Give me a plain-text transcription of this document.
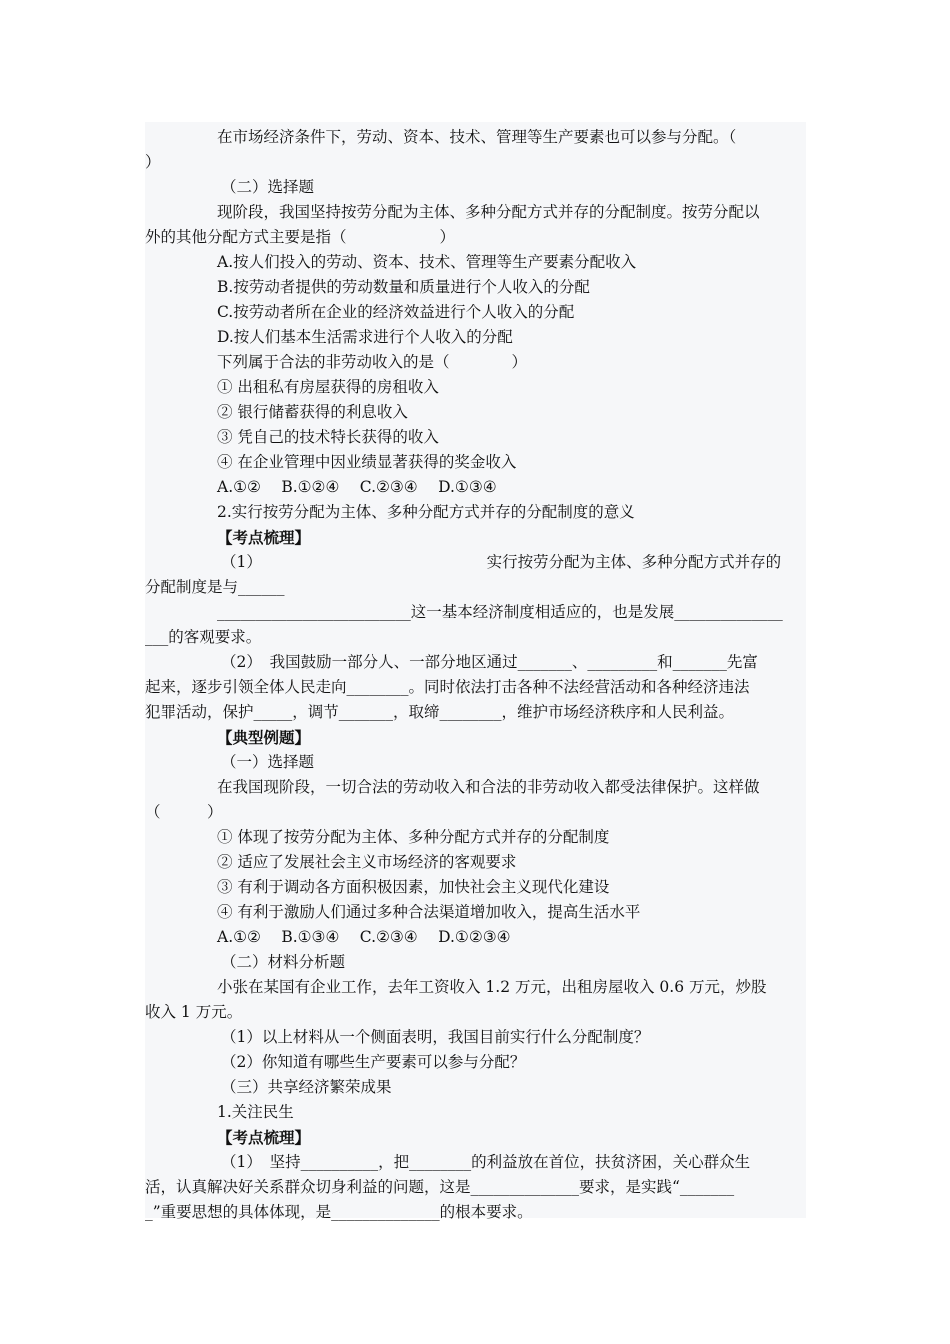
在市场经济条件下，劳动、资本、技术、管理等生产要素也可以参与分配。（
）
（二）选择题
现阶段，我国坚持按劳分配为主体、多种分配方式并存的分配制度。按劳分配以
外的其他分配方式主要是指（　　　　　　）
A.按人们投入的劳动、资本、技术、管理等生产要素分配收入
B.按劳动者提供的劳动数量和质量进行个人收入的分配
C.按劳动者所在企业的经济效益进行个人收入的分配
D.按人们基本生活需求进行个人收入的分配
下列属于合法的非劳动收入的是（　　　　）
① 出租私有房屋获得的房租收入
② 银行储蓄获得的利息收入
③ 凭自己的技术特长获得的收入
④ 在企业管理中因业绩显著获得的奖金收入
A.①②　 B.①②④　 C.②③④　 D.①③④
2.实行按劳分配为主体、多种分配方式并存的分配制度的意义
【考点梳理】
（1）　　　　　　　　　　　　　　　实行按劳分配为主体、多种分配方式并存的
分配制度是与______
_________________________这一基本经济制度相适应的，也是发展______________
___的客观要求。
（2）　我国鼓励一部分人、一部分地区通过_______、_________和_______先富
起来，逐步引领全体人民走向________。同时依法打击各种不法经营活动和各种经济违法
犯罪活动，保护_____，调节_______，取缔________，维护市场经济秩序和人民利益。
【典型例题】
（一）选择题
在我国现阶段，一切合法的劳动收入和合法的非劳动收入都受法律保护。这样做
（　　　）
① 体现了按劳分配为主体、多种分配方式并存的分配制度
② 适应了发展社会主义市场经济的客观要求
③ 有利于调动各方面积极因素，加快社会主义现代化建设
④ 有利于激励人们通过多种合法渠道增加收入，提高生活水平
A.①②　 B.①③④　 C.②③④　 D.①②③④
（二）材料分析题
小张在某国有企业工作，去年工资收入 1.2 万元，出租房屋收入 0.6 万元，炒股
收入 1 万元。
（1）以上材料从一个侧面表明，我国目前实行什么分配制度？
（2）你知道有哪些生产要素可以参与分配？
（三）共享经济繁荣成果
1.关注民生
【考点梳理】
（1）　坚持__________，把________的利益放在首位，扶贫济困，关心群众生
活，认真解决好关系群众切身利益的问题，这是______________要求，是实践“_______
_”重要思想的具体体现，是______________的根本要求。
